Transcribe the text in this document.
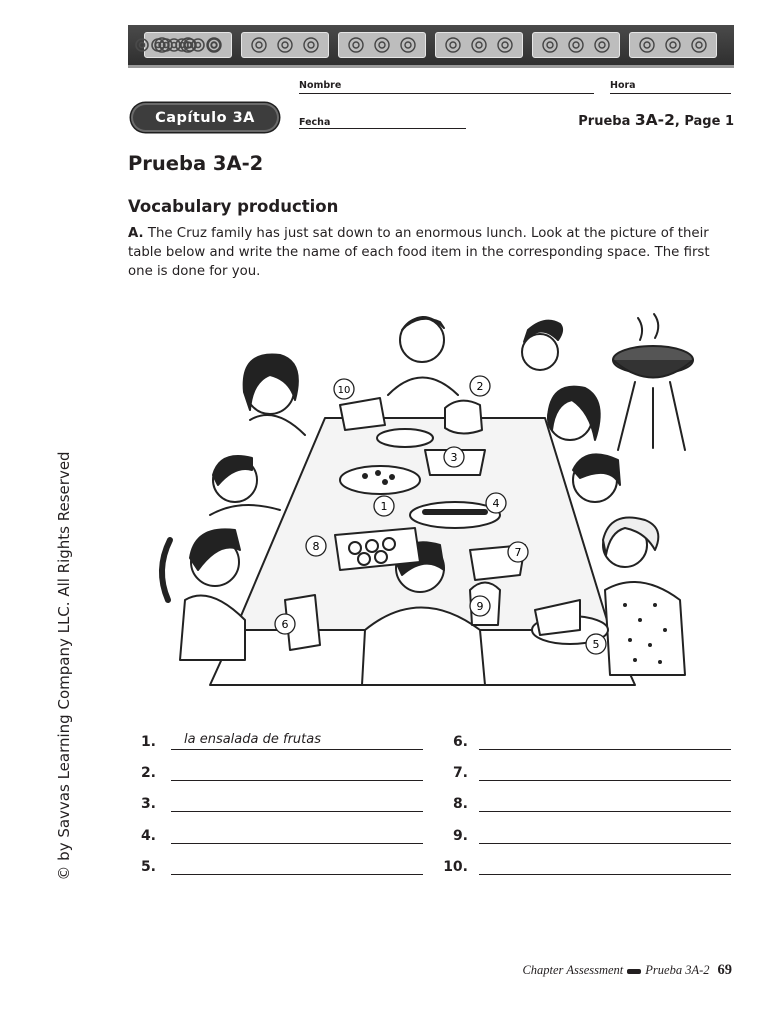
Nombre	Hora
Capítulo 3A	Fecha	Prueba 3A-2, Page 1
Prueba 3A-2
Vocabulary production
A. The Cruz family has just sat down to an enormous lunch. Look at the picture of their table below and write the name of each food item in the corresponding space. The first one is done for you.
1
2
3
4
5
6
7
8
9
10
© by Savvas Learning Company LLC. All Rights Reserved	1. la ensalada de frutas
2.
3.
4.
5.
6.
7.
8.
9.
10.
Chapter Assessment Prueba 3A-2 69
